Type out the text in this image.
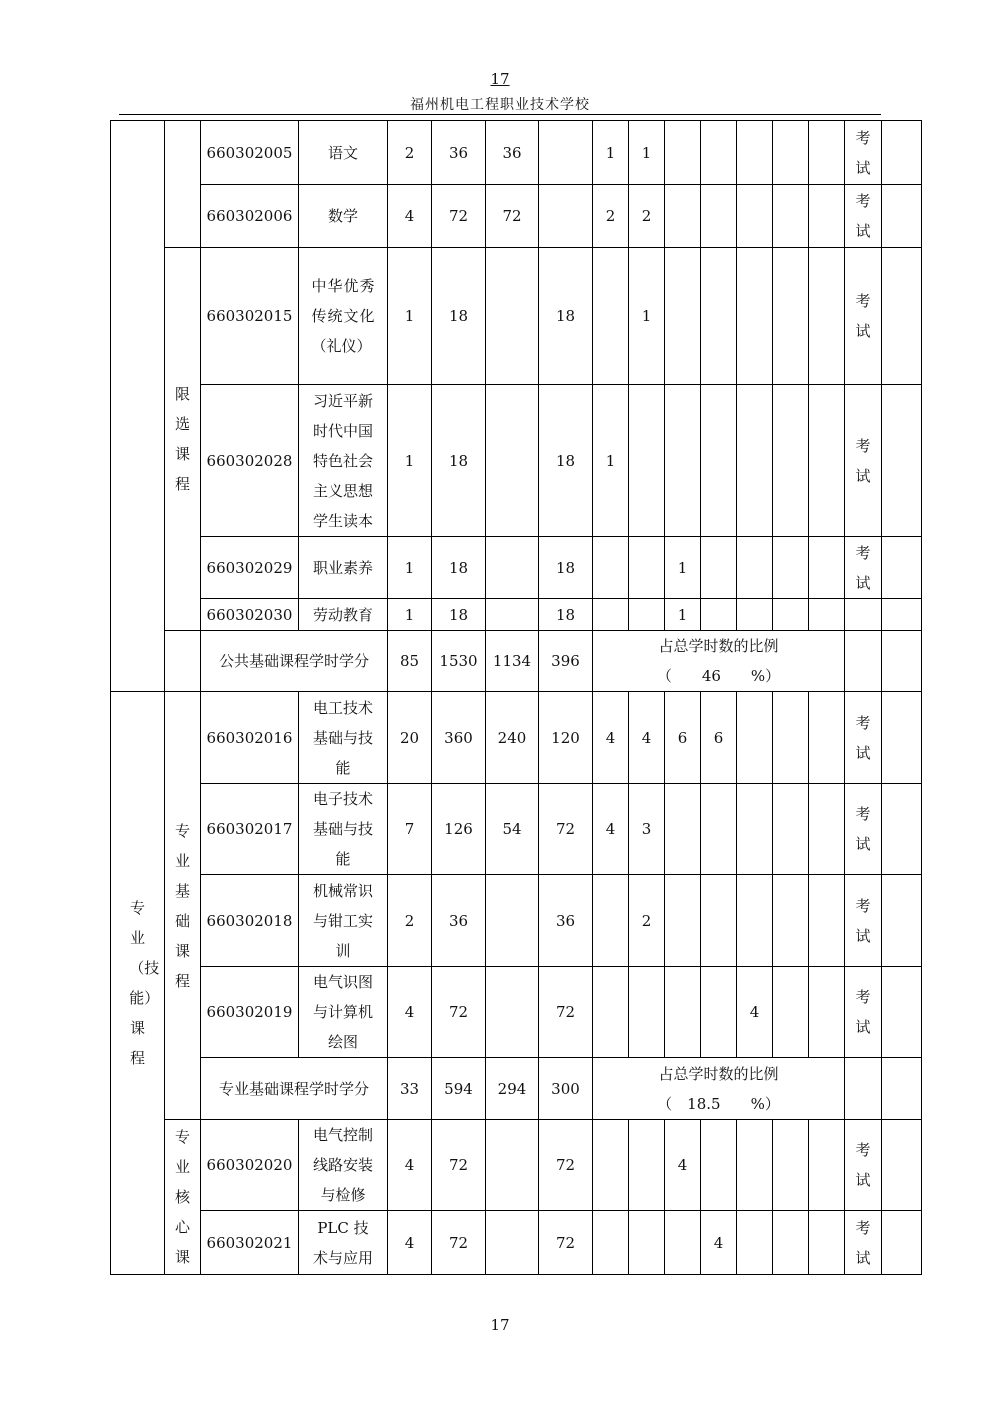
17
福州机电工程职业技术学校
		660302005	语文	2	36	36		1	1						考试	

		660302006	数学	4	72	72		2	2						考试	

	限选课程	660302015	中华优秀传统文化（礼仪）	1	18		18		1						考试	

		660302028	习近平新时代中国特色社会主义思想学生读本	1	18		18	1							考试	

		660302029	职业素养	1	18		18			1					考试	

		660302030	劳动教育	1	18		18			1						

		公共基础课程学时学分		85	1530	1134	396	占总学时数的比例
（　　46　　%）								

专业（技能）课程	专业基础课程	660302016	电工技术基础与技能	20	360	240	120	4	4	6	6				考试	

		660302017	电子技术基础与技能	7	126	54	72	4	3						考试	

		660302018	机械常识与钳工实训	2	36		36		2						考试	

		660302019	电气识图与计算机绘图	4	72		72					4			考试	

		专业基础课程学时学分		33	594	294	300	占总学时数的比例
（　18.5　　%）								

	专业核心课	660302020	电气控制线路安装与检修	4	72		72			4					考试	

		660302021	PLC 技术与应用	4	72		72				4				考试	

17
